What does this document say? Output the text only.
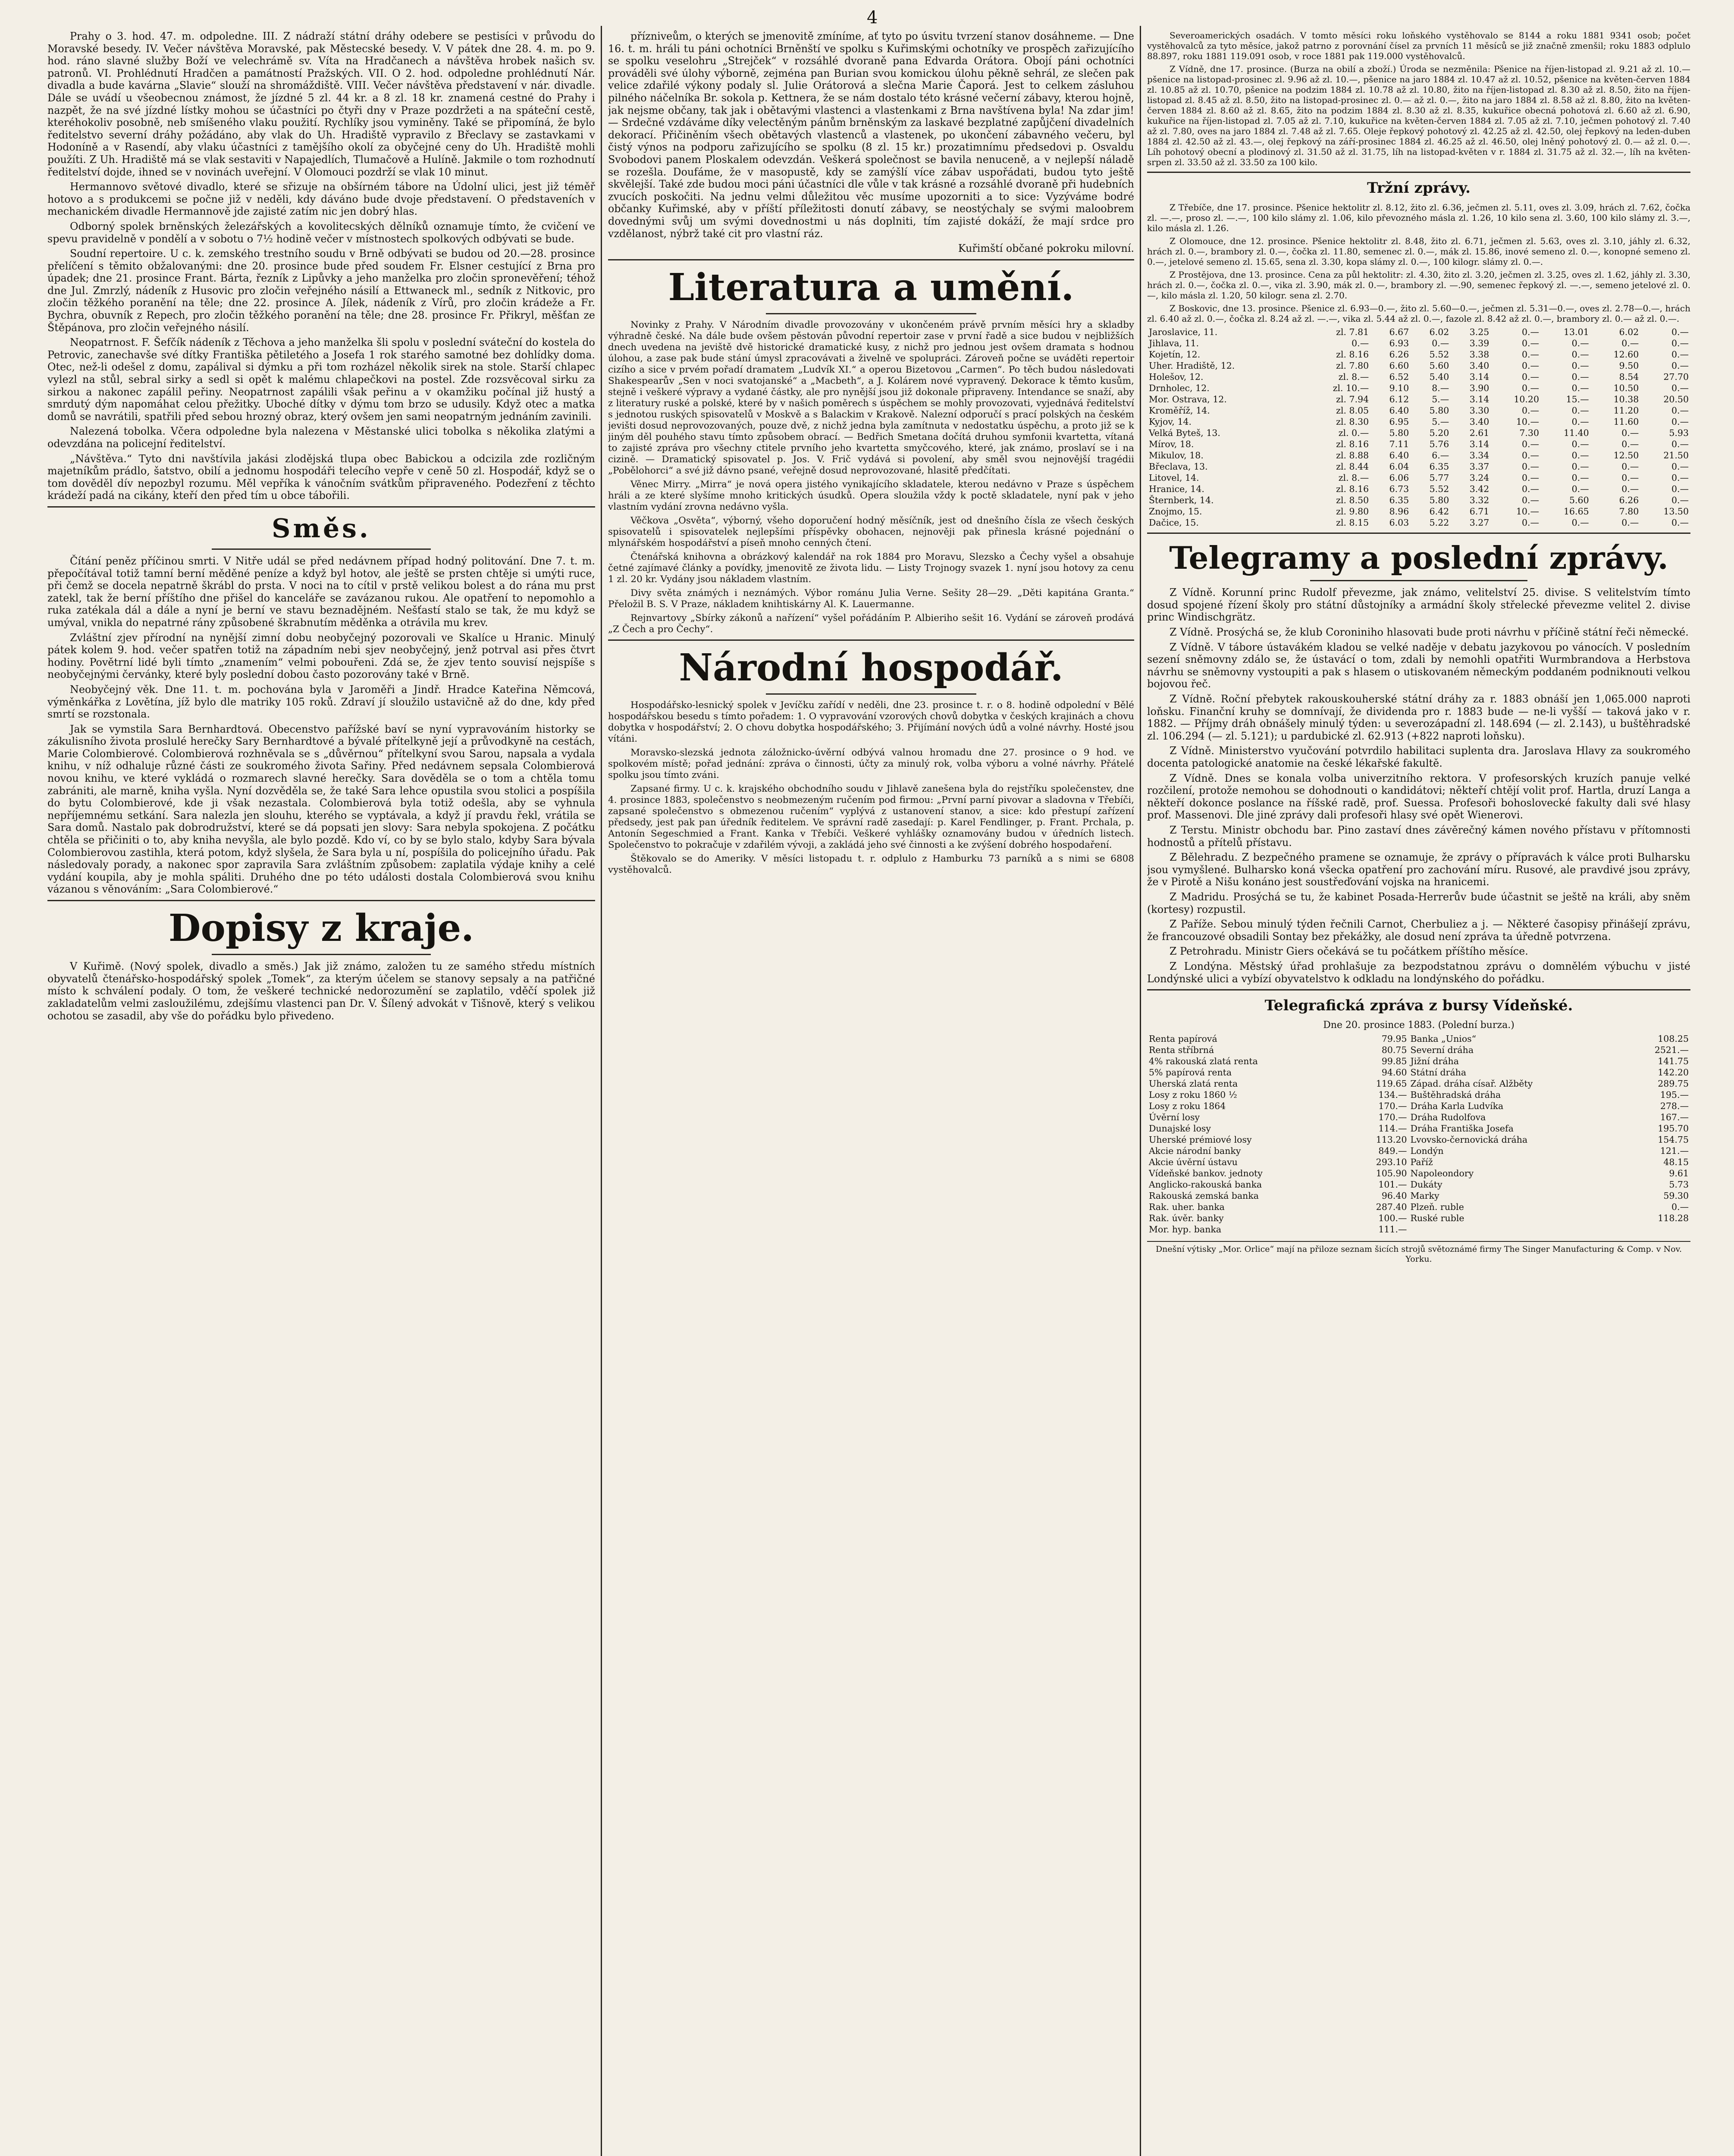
4

Prahy o 3. hod. 47. m. odpoledne. III. Z nádraží státní dráhy odebere se pestisíci v průvodu do Moravské besedy. IV. Večer návštěva Moravské, pak Městecské besedy. V. V pátek dne 28. 4. m. po 9. hod. ráno slavné služby Boží ve velechrámě sv. Víta na Hradčanech a návštěva hrobek našich sv. patronů. VI. Prohlédnutí Hradčen a památností Pražských. VII. O 2. hod. odpoledne prohlédnutí Nár. divadla a bude kavárna „Slavie“ slouží na shromáždiště. VIII. Večer návštěva představení v nár. divadle. Dále se uvádí u všeobecnou známost, že jízdné 5 zl. 44 kr. a 8 zl. 18 kr. znamená cestné do Prahy i nazpět, že na své jízdné lístky mohou se účastníci po čtyři dny v Praze pozdržeti a na spáteční cestě, kteréhokoliv posobně, neb smíšeného vlaku použití. Rychlíky jsou vyminěny. Také se připomíná, že bylo ředitelstvo severní dráhy požádáno, aby vlak do Uh. Hradiště vypravilo z Břeclavy se zastavkami v Hodoníně a v Rasendí, aby vlaku účastníci z tamějšího okolí za obyčejné ceny do Uh. Hradiště mohli použíti. Z Uh. Hradiště má se vlak sestaviti v Napajedlích, Tlumačově a Hulíně. Jakmile o tom rozhodnutí ředitelství dojde, ihned se v novinách uveřejní. V Olomouci pozdrží se vlak 10 minut.

Hermannovo světové divadlo, které se sřizuje na obšírném tábore na Údolní ulici, jest již téměř hotovo a s produkcemi se počne již v neděli, kdy dáváno bude dvoje představení. O představeních v mechanickém divadle Hermannově jde zajisté zatím nic jen dobrý hlas.

Odborný spolek brněnských železářských a kovolitecských dělníků oznamuje tímto, že cvičení ve spevu pravidelně v pondělí a v sobotu o 7½ hodině večer v místnostech spolkových odbývati se bude.

Soudní repertoire. U c. k. zemského trestního soudu v Brně odbývati se budou od 20.—28. prosince přelíčení s těmito obžalovanými: dne 20. prosince bude před soudem Fr. Elsner cestující z Brna pro úpadek; dne 21. prosince Frant. Bárta, řezník z Lipůvky a jeho manželka pro zločin spronevěření; téhož dne Jul. Zmrzlý, nádeník z Husovic pro zločin veřejného násilí a Ettwaneck ml., sedník z Nitkovic, pro zločin těžkého poranění na těle; dne 22. prosince A. Jílek, nádeník z Vírů, pro zločin krádeže a Fr. Bychra, obuvník z Repech, pro zločin těžkého poranění na těle; dne 28. prosince Fr. Přikryl, měšťan ze Štěpánova, pro zločin veřejného násilí.

Neopatrnost. F. Šefčík nádeník z Těchova a jeho manželka šli spolu v poslední sváteční do kostela do Petrovic, zanechavše své dítky Františka pětiletého a Josefa 1 rok starého samotné bez dohlídky doma. Otec, než-li odešel z domu, zapálival si dýmku a při tom rozházel několik sirek na stole. Starší chlapec vylezl na stůl, sebral sirky a sedl si opět k malému chlapečkovi na postel. Zde rozsvěcoval sirku za sirkou a nakonec zapálil peřiny. Neopatrnost zapálili však peřinu a v okamžiku počínal již hustý a smrdutý dým napomáhat celou přežitky. Uboché dítky v dýmu tom brzo se udusily. Když otec a matka domů se navrátili, spatřili před sebou hrozný obraz, který ovšem jen sami neopatrným jednáním zavinili.

Nalezená tobolka. Včera odpoledne byla nalezena v Městanské ulici tobolka s několika zlatými a odevzdána na policejní ředitelství.

„Návštěva.“ Tyto dni navštívila jakási zlodějská tlupa obec Babickou a odcizila zde rozličným majetníkům prádlo, šatstvo, obilí a jednomu hospodáři telecího vepře v ceně 50 zl. Hospodář, když se o tom dověděl dív nepozbyl rozumu. Měl vepříka k vánočním svátkům připraveného. Podezření z těchto krádeží padá na cikány, kteří den před tím u obce tábořili.

Směs.

Čítání peněz příčinou smrti. V Nitře udál se před nedávnem případ hodný politování. Dne 7. t. m. přepočítával totiž tamní berní měděné peníze a když byl hotov, ale ještě se prsten chtěje si umýti ruce, při čemž se docela nepatrně škrábl do prsta. V noci na to cítil v prstě velikou bolest a do rána mu prst zatekl, tak že berní příštího dne přišel do kanceláře se zavázanou rukou. Ale opatření to nepomohlo a ruka zatékala dál a dále a nyní je berní ve stavu beznadějném. Nešťastí stalo se tak, že mu když se umýval, vnikla do nepatrné rány způsobené škrabnutím měděnka a otrávila mu krev.

Zvláštní zjev přírodní na nynější zimní dobu neobyčejný pozorovali ve Skalíce u Hranic. Minulý pátek kolem 9. hod. večer spatřen totiž na západním nebi sjev neobyčejný, jenž potrval asi přes čtvrt hodiny. Povětrní lidé byli tímto „znamením“ velmi pobouřeni. Zdá se, že zjev tento souvisí nejspíše s neobyčejnými červánky, které byly poslední dobou často pozorovány také v Brně.

Neobyčejný věk. Dne 11. t. m. pochována byla v Jaroměři a Jindř. Hradce Kateřina Němcová, výměnkářka z Lovětína, jíž bylo dle matriky 105 roků. Zdraví jí sloužilo ustavičně až do dne, kdy před smrtí se rozstonala.

Jak se vymstila Sara Bernhardtová. Obecenstvo pařížské baví se nyní vypravováním historky se zákulisního života proslulé herečky Sary Bernhardtové a bývalé přítelkyně její a průvodkyně na cestách, Marie Colombierové. Colombierová rozhněvala se s „důvěrnou“ přítelkyní svou Sarou, napsala a vydala knihu, v níž odhaluje různé části ze soukromého života Sařiny. Před nedávnem sepsala Colombierová novou knihu, ve které vykládá o rozmarech slavné herečky. Sara dověděla se o tom a chtěla tomu zabrániti, ale marně, kniha vyšla. Nyní dozvěděla se, že také Sara lehce opustila svou stolici a pospíšila do bytu Colombierové, kde ji však nezastala. Colombierová byla totiž odešla, aby se vyhnula nepříjemnému setkání. Sara nalezla jen slouhu, kterého se vyptávala, a když jí pravdu řekl, vrátila se Sara domů. Nastalo pak dobrodružství, které se dá popsati jen slovy: Sara nebyla spokojena. Z počátku chtěla se přičiniti o to, aby kniha nevyšla, ale bylo pozdě. Kdo ví, co by se bylo stalo, kdyby Sara bývala Colombierovou zastihla, která potom, když slyšela, že Sara byla u ní, pospíšila do policejního úřadu. Pak následovaly porady, a nakonec spor zapravila Sara zvláštním způsobem: zaplatila výdaje knihy a celé vydání koupila, aby je mohla spáliti. Druhého dne po této události dostala Colombierová svou knihu vázanou s věnováním: „Sara Colombierové.“

Dopisy z kraje.

V Kuřimě. (Nový spolek, divadlo a směs.) Jak již známo, založen tu ze samého středu místních obyvatelů čtenářsko-hospodářský spolek „Tomek“, za kterým účelem se stanovy sepsaly a na patřičné místo k schválení podaly. O tom, že veškeré technické nedorozumění se zaplatilo, vděčí spolek již zakladatelům velmi zasloužilému, zdejšímu vlastenci pan Dr. V. Šílený advokát v Tišnově, který s velikou ochotou se zasadil, aby vše do pořádku bylo přivedeno.

přízniveům, o kterých se jmenovitě zmíníme, ať tyto po úsvitu tvrzení stanov dosáhneme. — Dne 16. t. m. hráli tu páni ochotníci Brněnští ve spolku s Kuřimskými ochotníky ve prospěch zařizujícího se spolku veselohru „Strejček“ v rozsáhlé dvoraně pana Edvarda Orátora. Obojí páni ochotníci prováděli své úlohy výborně, zejména pan Burian svou komickou úlohu pěkně sehrál, ze slečen pak velice zdařilé výkony podaly sl. Julie Orátorová a slečna Marie Čaporá. Jest to celkem zásluhou pilného náčelníka Br. sokola p. Kettnera, že se nám dostalo této krásné večerní zábavy, kterou hojně, jak nejsme občany, tak jak i obětavými vlastenci a vlastenkami z Brna navštívena byla! Na zdar jim! — Srdečné vzdáváme díky velectěným pánům brněnským za laskavé bezplatné zapůjčení divadelních dekorací. Přičiněním všech obětavých vlastenců a vlastenek, po ukončení zábavného večeru, byl čistý výnos na podporu zařizujícího se spolku (8 zl. 15 kr.) prozatimnímu předsedovi p. Osvaldu Svobodovi panem Ploskalem odevzdán. Veškerá společnost se bavila nenuceně, a v nejlepší náladě se rozešla. Doufáme, že v masopustě, kdy se zamýšlí více zábav uspořádati, budou tyto ještě skvělejší. Také zde budou moci páni účastníci dle vůle v tak krásné a rozsáhlé dvoraně při hudebních zvucích poskočiti. Na jednu velmi důležitou věc musíme upozorniti a to sice: Vyzýváme bodré občanky Kuřimské, aby v příští příležitosti donutí zábavy, se neostýchaly se svými maloobrem dovednými svůj um svými dovednostmi u nás doplniti, tím zajisté dokáží, že mají srdce pro vzdělanost, nýbrž také cit pro vlastní ráz.

Kuřimští občané pokroku milovní.

Literatura a umění.

Novinky z Prahy. V Národním divadle provozovány v ukončeném právě prvním měsíci hry a skladby výhradně české. Na dále bude ovšem pěstován původní repertoir zase v první řadě a sice budou v nejbližších dnech uvedena na jeviště dvě historické dramatické kusy, z nichž pro jednou jest ovšem dramata s hodnou úlohou, a zase pak bude stání úmysl zpracovávati a živelně ve spolupráci. Zároveň počne se uváděti repertoir cizího a sice v prvém pořadí dramatem „Ludvík XI.“ a operou Bizetovou „Carmen“. Po těch budou následovati Shakespearův „Sen v noci svatojanské“ a „Macbeth“, a J. Kolárem nové vypravený. Dekorace k těmto kusům, stejně i veškeré výpravy a vydané částky, ale pro nynější jsou již dokonale připraveny. Intendance se snaží, aby z literatury ruské a polské, které by v našich poměrech s úspěchem se mohly provozovati, vyjednává ředitelství s jednotou ruských spisovatelů v Moskvě a s Balackim v Krakově. Nalezní odporučí s prací polských na českém jevišti dosud neprovozovaných, pouze dvě, z nichž jedna byla zamítnuta v nedostatku úspěchu, a proto již se k jiným děl pouhého stavu tímto způsobem obrací. — Bedřich Smetana dočítá druhou symfonii kvartetta, vítaná to zajisté zpráva pro všechny ctitele prvního jeho kvartetta smyčcového, které, jak známo, proslaví se i na cizině. — Dramatický spisovatel p. Jos. V. Frič vydává si povolení, aby směl svou nejnovější tragédii „Pobělohorci“ a své již dávno psané, veřejně dosud neprovozované, hlasitě předčítati.

Věnec Mirry. „Mirra“ je nová opera jistého vynikajícího skladatele, kterou nedávno v Praze s úspěchem hráli a ze které slyšíme mnoho kritických úsudků. Opera sloužila vždy k poctě skladatele, nyní pak v jeho vlastním vydání zrovna nedávno vyšla.

Věčkova „Osvěta“, výborný, všeho doporučení hodný měsíčník, jest od dnešního čísla ze všech českých spisovatelů i spisovatelek nejlepšími příspěvky obohacen, nejnověji pak přinesla krásné pojednání o mlynářském hospodářství a píseň mnoho cenných čtení.

Čtenářská knihovna a obrázkový kalendář na rok 1884 pro Moravu, Slezsko a Čechy vyšel a obsahuje četné zajímavé články a povídky, jmenovitě ze života lidu. — Listy Trojnogy svazek 1. nyní jsou hotovy za cenu 1 zl. 20 kr. Vydány jsou nákladem vlastním.

Divy světa známých i neznámých. Výbor románu Julia Verne. Sešity 28—29. „Děti kapitána Granta.“ Přeložil B. S. V Praze, nákladem knihtiskárny Al. K. Lauermanne.

Rejnvartovy „Sbírky zákonů a nařízení“ vyšel pořádáním P. Albieriho sešit 16. Vydání se zároveň prodává „Z Čech a pro Čechy“.

Národní hospodář.

Hospodářsko-lesnický spolek v Jevíčku zařídí v neděli, dne 23. prosince t. r. o 8. hodině odpolední v Bělé hospodářskou besedu s tímto pořadem: 1. O vypravování vzorových chovů dobytka v českých krajinách a chovu dobytka v hospodářství; 2. O chovu dobytka hospodářského; 3. Přijímání nových údů a volné návrhy. Hosté jsou vítáni.

Moravsko-slezská jednota záložnicko-úvěrní odbývá valnou hromadu dne 27. prosince o 9 hod. ve spolkovém místě; pořad jednání: zpráva o činnosti, účty za minulý rok, volba výboru a volné návrhy. Přátelé spolku jsou tímto zváni.

Zapsané firmy. U c. k. krajského obchodního soudu v Jihlavě zanešena byla do rejstříku společenstev, dne 4. prosince 1883, společenstvo s neobmezeným ručením pod firmou: „První parní pivovar a sladovna v Třebíči, zapsané společenstvo s obmezenou ručením“ vyplývá z ustanovení stanov, a sice: kdo přestupí zařízení předsedy, jest pak pan úředník ředitelem. Ve správní radě zasedají: p. Karel Fendlinger, p. Frant. Prchala, p. Antonín Segeschmied a Frant. Kanka v Třebíči. Veškeré vyhlášky oznamovány budou v úředních listech. Společenstvo to pokračuje v zdařilém vývoji, a zakládá jeho své činnosti a ke zvýšení dobrého hospodaření.

Štěkovalo se do Ameriky. V měsíci listopadu t. r. odplulo z Hamburku 73 parníků a s nimi se 6808 vystěhovalců.

Severoamerických osadách. V tomto měsíci roku loňského vystěhovalo se 8144 a roku 1881 9341 osob; počet vystěhovalců za tyto měsíce, jakož patrno z porovnání čísel za prvních 11 měsíců se již značně zmenšil; roku 1883 odplulo 88.897, roku 1881 119.091 osob, v roce 1881 pak 119.000 vystěhovalců.

Z Vídně, dne 17. prosince. (Burza na obilí a zboží.) Úroda se nezměnila: Pšenice na říjen-listopad zl. 9.21 až zl. 10.— pšenice na listopad-prosinec zl. 9.96 až zl. 10.—, pšenice na jaro 1884 zl. 10.47 až zl. 10.52, pšenice na květen-červen 1884 zl. 10.85 až zl. 10.70, pšenice na podzim 1884 zl. 10.78 až zl. 10.80, žito na říjen-listopad zl. 8.30 až zl. 8.50, žito na říjen-listopad zl. 8.45 až zl. 8.50, žito na listopad-prosinec zl. 0.— až zl. 0.—, žito na jaro 1884 zl. 8.58 až zl. 8.80, žito na květen-červen 1884 zl. 8.60 až zl. 8.65, žito na podzim 1884 zl. 8.30 až zl. 8.35, kukuřice obecná pohotová zl. 6.60 až zl. 6.90, kukuřice na říjen-listopad zl. 7.05 až zl. 7.10, kukuřice na květen-červen 1884 zl. 7.05 až zl. 7.10, ječmen pohotový zl. 7.40 až zl. 7.80, oves na jaro 1884 zl. 7.48 až zl. 7.65. Oleje řepkový pohotový zl. 42.25 až zl. 42.50, olej řepkový na leden-duben 1884 zl. 42.50 až zl. 43.—, olej řepkový na září-prosinec 1884 zl. 46.25 až zl. 46.50, olej lněný pohotový zl. 0.— až zl. 0.—. Líh pohotový obecní a plodinový zl. 31.50 až zl. 31.75, líh na listopad-květen v r. 1884 zl. 31.75 až zl. 32.—, líh na květen-srpen zl. 33.50 až zl. 33.50 za 100 kilo.

Tržní zprávy.

Z Třebíče, dne 17. prosince. Pšenice hektolitr zl. 8.12, žito zl. 6.36, ječmen zl. 5.11, oves zl. 3.09, hrách zl. 7.62, čočka zl. —.—, proso zl. —.—, 100 kilo slámy zl. 1.06, kilo převozného másla zl. 1.26, 10 kilo sena zl. 3.60, 100 kilo slámy zl. 3.—, kilo másla zl. 1.26.

Z Olomouce, dne 12. prosince. Pšenice hektolitr zl. 8.48, žito zl. 6.71, ječmen zl. 5.63, oves zl. 3.10, jáhly zl. 6.32, hrách zl. 0.—, brambory zl. 0.—, čočka zl. 11.80, semenec zl. 0.—, mák zl. 15.86, inové semeno zl. 0.—, konopné semeno zl. 0.—, jetelové semeno zl. 15.65, sena zl. 3.30, kopa slámy zl. 0.—, 100 kilogr. slámy zl. 0.—.

Z Prostějova, dne 13. prosince. Cena za půl hektolitr: zl. 4.30, žito zl. 3.20, ječmen zl. 3.25, oves zl. 1.62, jáhly zl. 3.30, hrách zl. 0.—, čočka zl. 0.—, vika zl. 3.90, mák zl. 0.—, brambory zl. —.90, semenec řepkový zl. —.—, semeno jetelové zl. 0.—, kilo másla zl. 1.20, 50 kilogr. sena zl. 2.70.

Z Boskovic, dne 13. prosince. Pšenice zl. 6.93—0.—, žito zl. 5.60—0.—, ječmen zl. 5.31—0.—, oves zl. 2.78—0.—, hrách zl. 6.40 až zl. 0.—, čočka zl. 8.24 až zl. —.—, vika zl. 5.44 až zl. 0.—, fazole zl. 8.42 až zl. 0.—, brambory zl. 0.— až zl. 0.—.

Jaroslavice, 11.	zl. 7.81	6.67	6.02	3.25	0.—	13.01	6.02	0.—
Jihlava, 11.	0.—	6.93	0.—	3.39	0.—	0.—	0.—	0.—
Kojetín, 12.	zl. 8.16	6.26	5.52	3.38	0.—	0.—	12.60	0.—
Uher. Hradiště, 12.	zl. 7.80	6.60	5.60	3.40	0.—	0.—	9.50	0.—
Holešov, 12.	zl. 8.—	6.52	5.40	3.14	0.—	0.—	8.54	27.70
Drnholec, 12.	zl. 10.—	9.10	8.—	3.90	0.—	0.—	10.50	0.—
Mor. Ostrava, 12.	zl. 7.94	6.12	5.—	3.14	10.20	15.—	10.38	20.50
Kroměříž, 14.	zl. 8.05	6.40	5.80	3.30	0.—	0.—	11.20	0.—
Kyjov, 14.	zl. 8.30	6.95	5.—	3.40	10.—	0.—	11.60	0.—
Velká Byteš, 13.	zl. 0.—	5.80	5.20	2.61	7.30	11.40	0.—	5.93
Mírov, 18.	zl. 8.16	7.11	5.76	3.14	0.—	0.—	0.—	0.—
Mikulov, 18.	zl. 8.88	6.40	6.—	3.34	0.—	0.—	12.50	21.50
Břeclava, 13.	zl. 8.44	6.04	6.35	3.37	0.—	0.—	0.—	0.—
Litovel, 14.	zl. 8.—	6.06	5.77	3.24	0.—	0.—	0.—	0.—
Hranice, 14.	zl. 8.16	6.73	5.52	3.42	0.—	0.—	0.—	0.—
Šternberk, 14.	zl. 8.50	6.35	5.80	3.32	0.—	5.60	6.26	0.—
Znojmo, 15.	zl. 9.80	8.96	6.42	6.71	10.—	16.65	7.80	13.50
Dačice, 15.	zl. 8.15	6.03	5.22	3.27	0.—	0.—	0.—	0.—
Telegramy a poslední zprávy.

Z Vídně. Korunní princ Rudolf převezme, jak známo, velitelství 25. divise. S velitelstvím tímto dosud spojené řízení školy pro státní důstojníky a armádní školy střelecké převezme velitel 2. divise princ Windischgrätz.

Z Vídně. Prosýchá se, že klub Coroniniho hlasovati bude proti návrhu v příčině státní řeči německé.

Z Vídně. V tábore ústavákém kladou se velké naděje v debatu jazykovou po vánocích. V posledním sezení sněmovny zdálo se, že ústavácí o tom, zdali by nemohli opatřiti Wurmbrandova a Herbstova návrhu se sněmovny vystoupiti a pak s hlasem o utiskovaném německým poddaném podniknouti velkou bojovou řeč.

Z Vídně. Roční přebytek rakouskouherské státní dráhy za r. 1883 obnáší jen 1,065.000 naproti loňsku. Finanční kruhy se domnívají, že dividenda pro r. 1883 bude — ne-li vyšší — taková jako v r. 1882. — Příjmy dráh obnášely minulý týden: u severozápadní zl. 148.694 (— zl. 2.143), u buštěhradské zl. 106.294 (— zl. 5.121); u pardubické zl. 62.913 (+822 naproti loňsku).

Z Vídně. Ministerstvo vyučování potvrdilo habilitaci suplenta dra. Jaroslava Hlavy za soukromého docenta patologické anatomie na české lékařské fakultě.

Z Vídně. Dnes se konala volba univerzitního rektora. V profesorských kruzích panuje velké rozčilení, protože nemohou se dohodnouti o kandidátovi; někteří chtějí volit prof. Hartla, druzí Langa a někteří dokonce poslance na říšské radě, prof. Suessa. Profesoři bohoslovecké fakulty dali své hlasy prof. Massenovi. Dle jiné zprávy dali profesoři hlasy své opět Wienerovi.

Z Terstu. Ministr obchodu bar. Pino zastaví dnes závěrečný kámen nového přístavu v přítomnosti hodnostů a přítelů přístavu.

Z Bělehradu. Z bezpečného pramene se oznamuje, že zprávy o přípravách k válce proti Bulharsku jsou vymyšlené. Bulharsko koná všecka opatření pro zachování míru. Rusové, ale pravdivé jsou zprávy, že v Pirotě a Nišu konáno jest soustřeďování vojska na hranicemi.

Z Madridu. Prosýchá se tu, že kabinet Posada-Herrerův bude účastnit se ještě na králi, aby sněm (kortesy) rozpustil.

Z Paříže. Sebou minulý týden řečnili Carnot, Cherbuliez a j. — Některé časopisy přinášejí zprávu, že francouzové obsadili Sontay bez překážky, ale dosud není zpráva ta úředně potvrzena.

Z Petrohradu. Ministr Giers očekává se tu počátkem příštího měsíce.

Z Londýna. Městský úřad prohlašuje za bezpodstatnou zprávu o domnělém výbuchu v jisté Londýnské ulici a vybízí obyvatelstvo k odkladu na londýnského do pořádku.

Telegrafická zpráva z bursy Vídeňské.
Dne 20. prosince 1883. (Polední burza.)
Renta papírová	79.95	Banka „Unios“	108.25
Renta stříbrná	80.75	Severní dráha	2521.—
4% rakouská zlatá renta	99.85	Jižní dráha	141.75
5% papírová renta	94.60	Státní dráha	142.20
Uherská zlatá renta	119.65	Západ. dráha císař. Alžběty	289.75
Losy z roku 1860 ½	134.—	Buštěhradská dráha	195.—
Losy z roku 1864	170.—	Dráha Karla Ludvíka	278.—
Úvěrní losy	170.—	Dráha Rudolfova	167.—
Dunajské losy	114.—	Dráha Františka Josefa	195.70
Uherské prémiové losy	113.20	Lvovsko-černovická dráha	154.75
Akcie národní banky	849.—	Londýn	121.—
Akcie úvěrní ústavu	293.10	Paříž	48.15
Vídeňské bankov. jednoty	105.90	Napoleondory	9.61
Anglicko-rakouská banka	101.—	Dukáty	5.73
Rakouská zemská banka	96.40	Marky	59.30
Rak. uher. banka	287.40	Plzeň. ruble	0.—
Rak. úvěr. banky	100.—	Ruské ruble	118.28
Mor. hyp. banka	111.—		
Dnešní výtisky „Mor. Orlice“ mají na přiloze seznam šicích strojů světoznámé firmy The Singer Manufacturing & Comp. v Nov. Yorku.
